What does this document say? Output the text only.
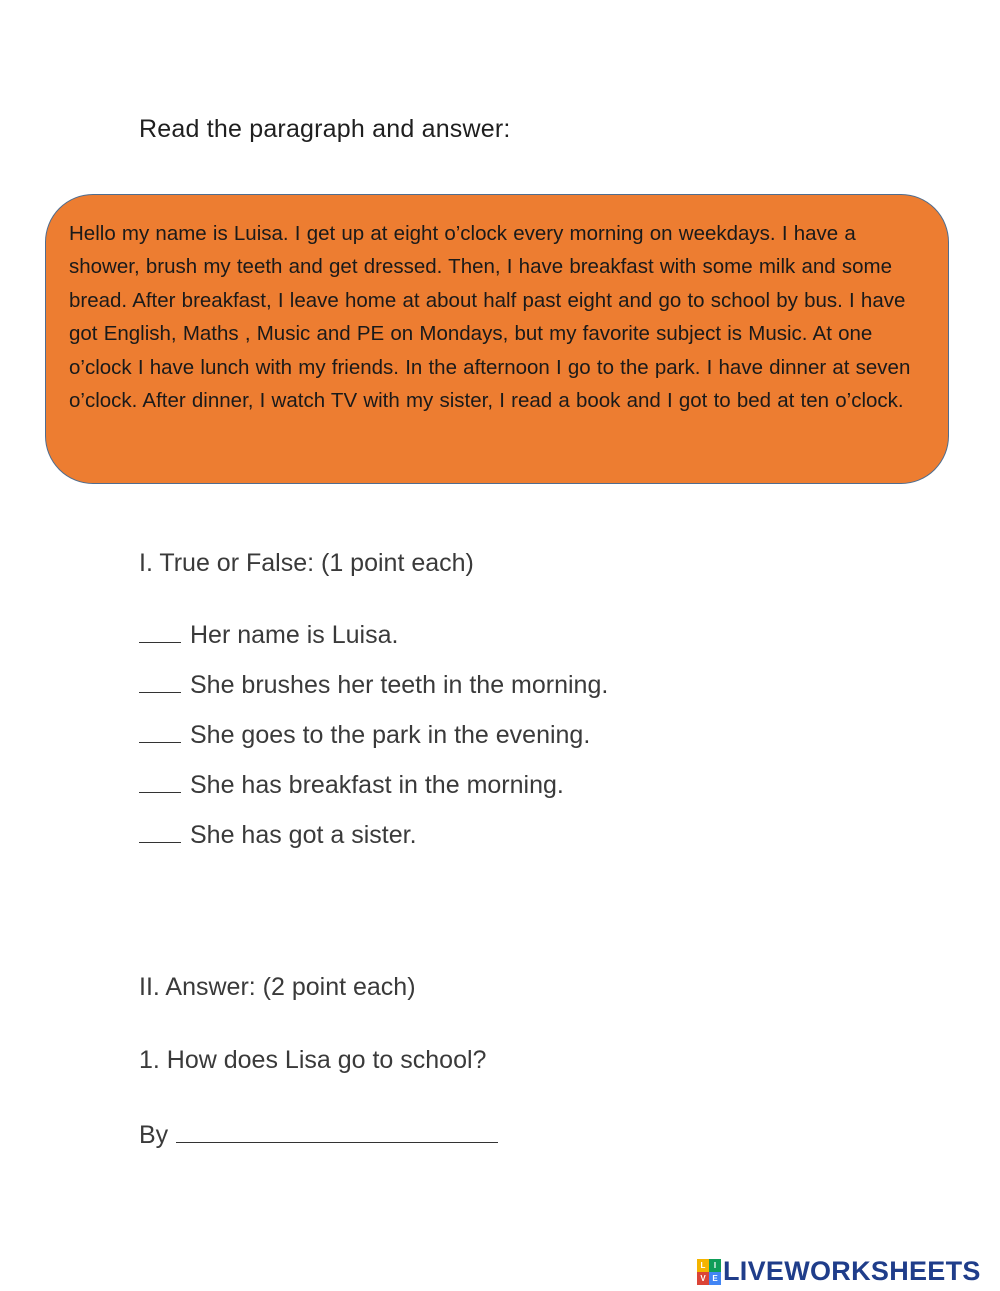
Read the paragraph and answer:

Hello my name is Luisa. I get up at eight o’clock every morning on weekdays. I have a shower, brush my teeth and get dressed. Then, I have breakfast with some milk and some bread. After breakfast, I leave home at about half past eight and go to school by bus. I have got English, Maths , Music and PE on Mondays, but my favorite subject is Music. At one o’clock I have lunch with my friends. In the afternoon I go to the park. I have dinner at seven o’clock. After dinner, I watch TV with my sister, I read a book and I got to bed at ten o’clock.

I. True or False: (1 point each)
Her name is Luisa.
She brushes her teeth in the morning.
She goes to the park in the evening.
She has breakfast in the morning.
She has got a sister.
II. Answer: (2 point each)
1. How does Lisa go to school?
By
L	I
V E LIVEWORKSHEETS
